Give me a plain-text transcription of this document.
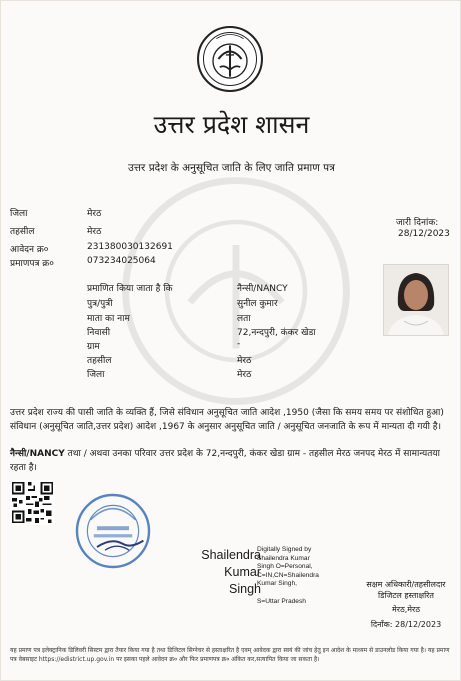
उत्तर प्रदेश शासन
उत्तर प्रदेश के अनुसूचित जाति के लिए जाति प्रमाण पत्र
जिला	मेरठ
तहसील	मेरठ
आवेदन क्र०	231380030132691
प्रमाणपत्र क्र०	073234025064
जारी दिनांक:
28/12/2023
प्रमाणित किया जाता है कि	नैन्सी/NANCY
पुत्र/पुत्री	सुनील कुमार
माता का नाम	लता
निवासी	72,नन्दपुरी, कंकर खेडा
ग्राम	-
तहसील	मेरठ
जिला	मेरठ
उत्तर प्रदेश राज्य की पासी जाति के व्यक्ति हैं, जिसे संविधान अनुसूचित जाति आदेश ,1950 (जैसा कि समय समय पर संशोधित हुआ) संविधान (अनुसूचित जाति,उत्तर प्रदेश) आदेश ,1967 के अनुसार अनुसूचित जाति / अनुसूचित जनजाति के रूप में मान्यता दी गयी है।
नैन्सी/NANCY तथा / अथवा उनका परिवार उत्तर प्रदेश के 72,नन्दपुरी, कंकर खेडा ग्राम - तहसील मेरठ जनपद मेरठ में सामान्यतया रहता है।
Shailendra
Kumar
Singh
Digitally Signed by
Shailendra Kumar
Singh O=Personal,
C=IN,CN=Shailendra
Kumar Singh,
S=Uttar Pradesh
सक्षम अधिकारी/तहसीलदार
डिजिटल हस्ताक्षरित
मेरठ,मेरठ
दिनाँक: 28/12/2023
यह प्रमाण पत्र इलेक्ट्रानिक डिलिवरी सिस्टम द्वारा तैयार किया गया है तथा डिजिटल सिग्नेचर से हस्ताक्षरित है एवम् आवेदक द्वारा स्वयं की जांच हेतु इन आदेश के माध्यम से डाउनलोड किया गया है। यह प्रमाण पत्र वेबसाइट https://edistrict.up.gov.in पर इसका पहले आवेदन क्र० और फिर प्रमाणपत्र क्र० अंकित कर,सत्यापित किया जा सकता है।
